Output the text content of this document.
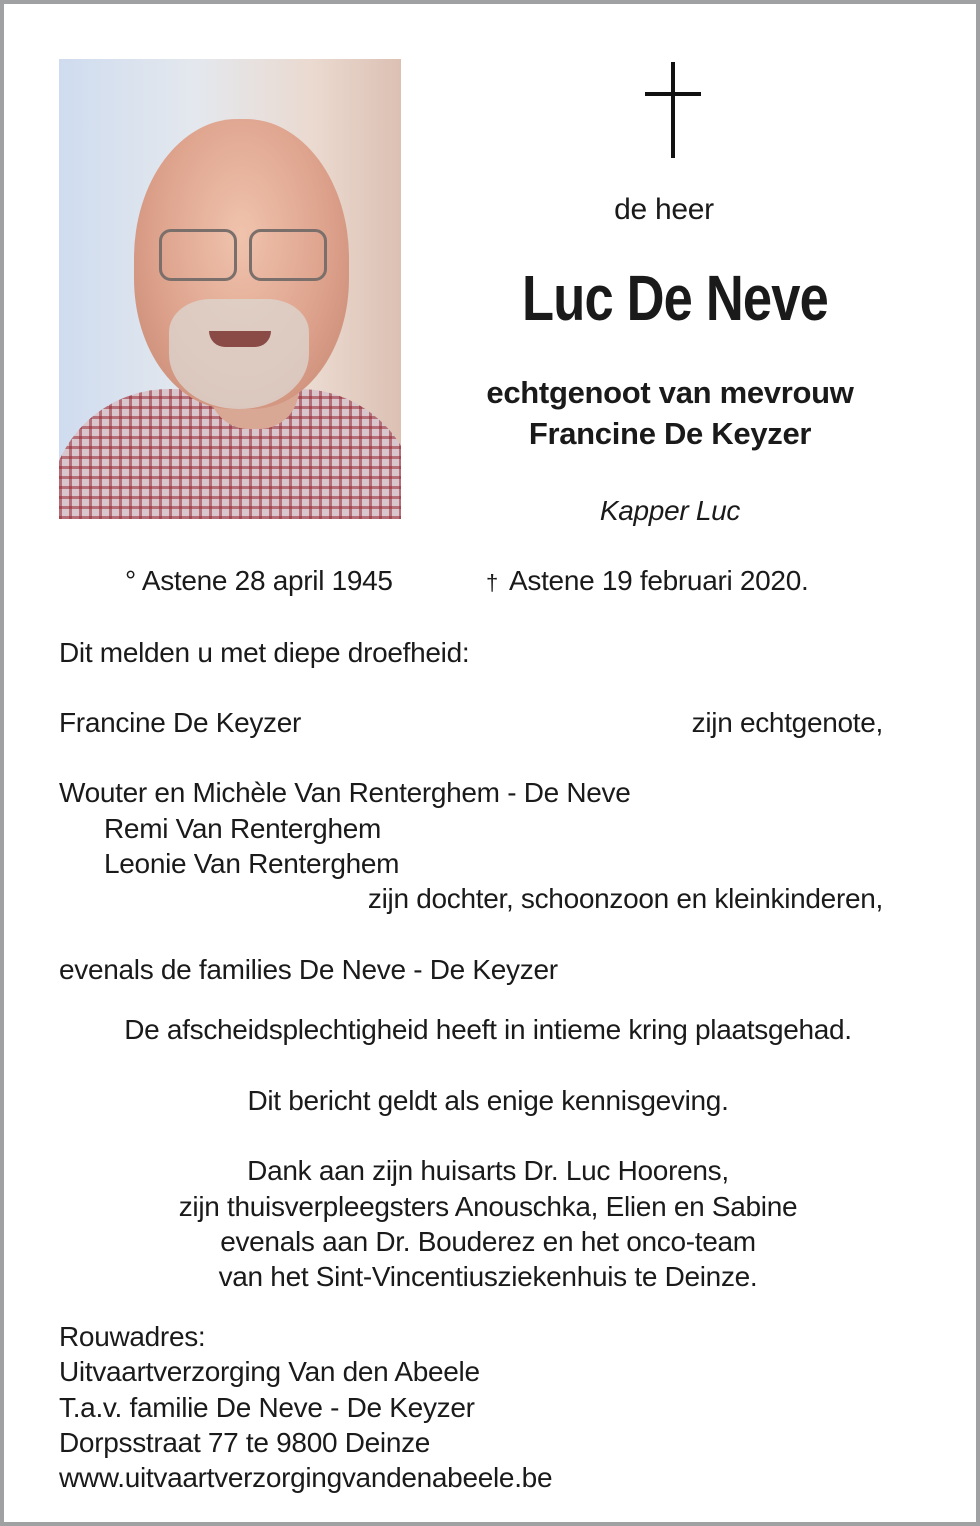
de heer
Luc De Neve
echtgenoot van mevrouw
Francine De Keyzer
Kapper Luc
° Astene 28 april 1945	† Astene 19 februari 2020.
Dit melden u met diepe droefheid:
Francine De Keyzer	zijn echtgenote,
Wouter en Michèle Van Renterghem - De Neve
Remi Van Renterghem
Leonie Van Renterghem
zijn dochter, schoonzoon en kleinkinderen,
evenals de families De Neve - De Keyzer
De afscheidsplechtigheid heeft in intieme kring plaatsgehad.
Dit bericht geldt als enige kennisgeving.
Dank aan zijn huisarts Dr. Luc Hoorens,
zijn thuisverpleegsters Anouschka, Elien en Sabine
evenals aan Dr. Bouderez en het onco-team
van het Sint-Vincentiusziekenhuis te Deinze.
Rouwadres:
Uitvaartverzorging Van den Abeele
T.a.v. familie De Neve - De Keyzer
Dorpsstraat 77 te 9800 Deinze
www.uitvaartverzorgingvandenabeele.be
